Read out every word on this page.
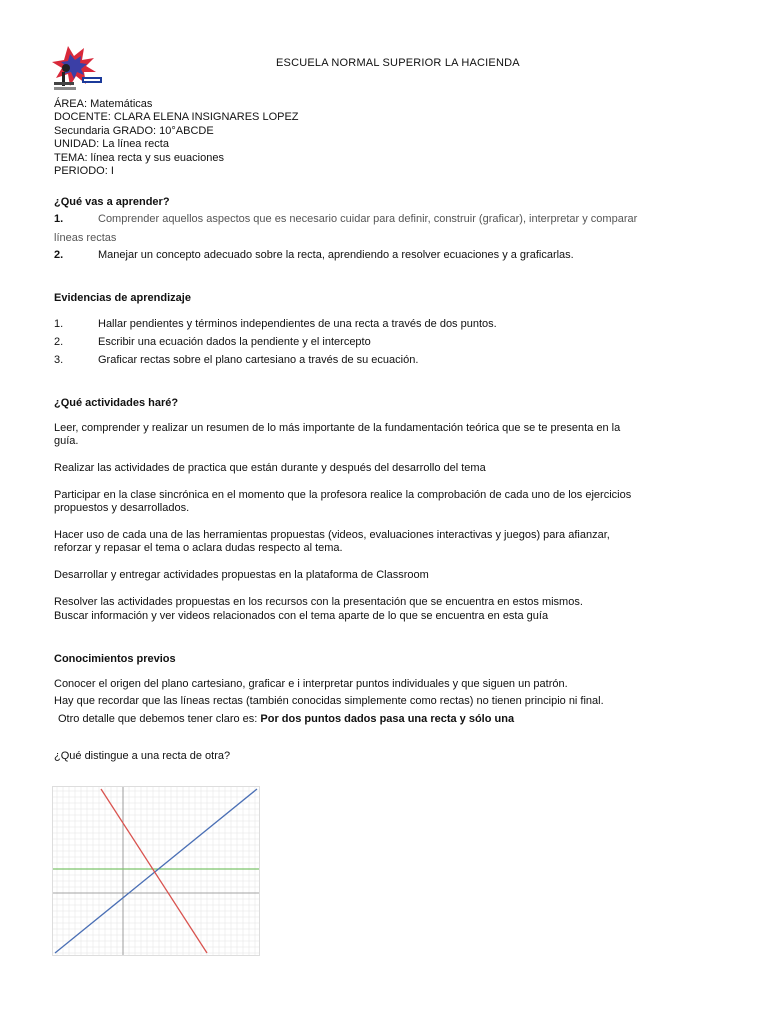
ESCUELA NORMAL SUPERIOR LA HACIENDA
ÁREA: Matemáticas
DOCENTE: CLARA ELENA INSIGNARES LOPEZ
Secundaria GRADO: 10°ABCDE
UNIDAD: La línea recta
TEMA: línea recta y sus euaciones
PERIODO: I
¿Qué vas a aprender?
1.	Comprender aquellos aspectos que es necesario cuidar para definir, construir (graficar), interpretar y comparar
líneas rectas
2.	Manejar un concepto adecuado sobre la recta, aprendiendo a resolver ecuaciones y a graficarlas.
Evidencias de aprendizaje
1.	Hallar pendientes y términos independientes de una recta a través de dos puntos.
2.	Escribir una ecuación dados la pendiente y el intercepto
3.	Graficar rectas sobre el plano cartesiano a través de su ecuación.
¿Qué actividades haré?
Leer, comprender y realizar un resumen de lo más importante de la fundamentación teórica que se te presenta en la
guía.
Realizar las actividades de practica que están durante y después del desarrollo del tema
Participar en la clase sincrónica en el momento que la profesora realice la comprobación de cada uno de los ejercicios
propuestos y desarrollados.
Hacer uso de cada una de las herramientas propuestas (videos, evaluaciones interactivas y juegos) para afianzar,
reforzar y repasar el tema o aclara dudas respecto al tema.
Desarrollar y entregar actividades propuestas en la plataforma de Classroom
Resolver las actividades propuestas en los recursos con la presentación que se encuentra en estos mismos.
Buscar información y ver videos relacionados con el tema aparte de lo que se encuentra en esta guía
Conocimientos previos
Conocer el origen del plano cartesiano, graficar e i interpretar puntos individuales y que siguen un patrón.
Hay que recordar que las líneas rectas (también conocidas simplemente como rectas) no tienen principio ni final.
Otro detalle que debemos tener claro es: Por dos puntos dados pasa una recta y sólo una
¿Qué distingue a una recta de otra?
